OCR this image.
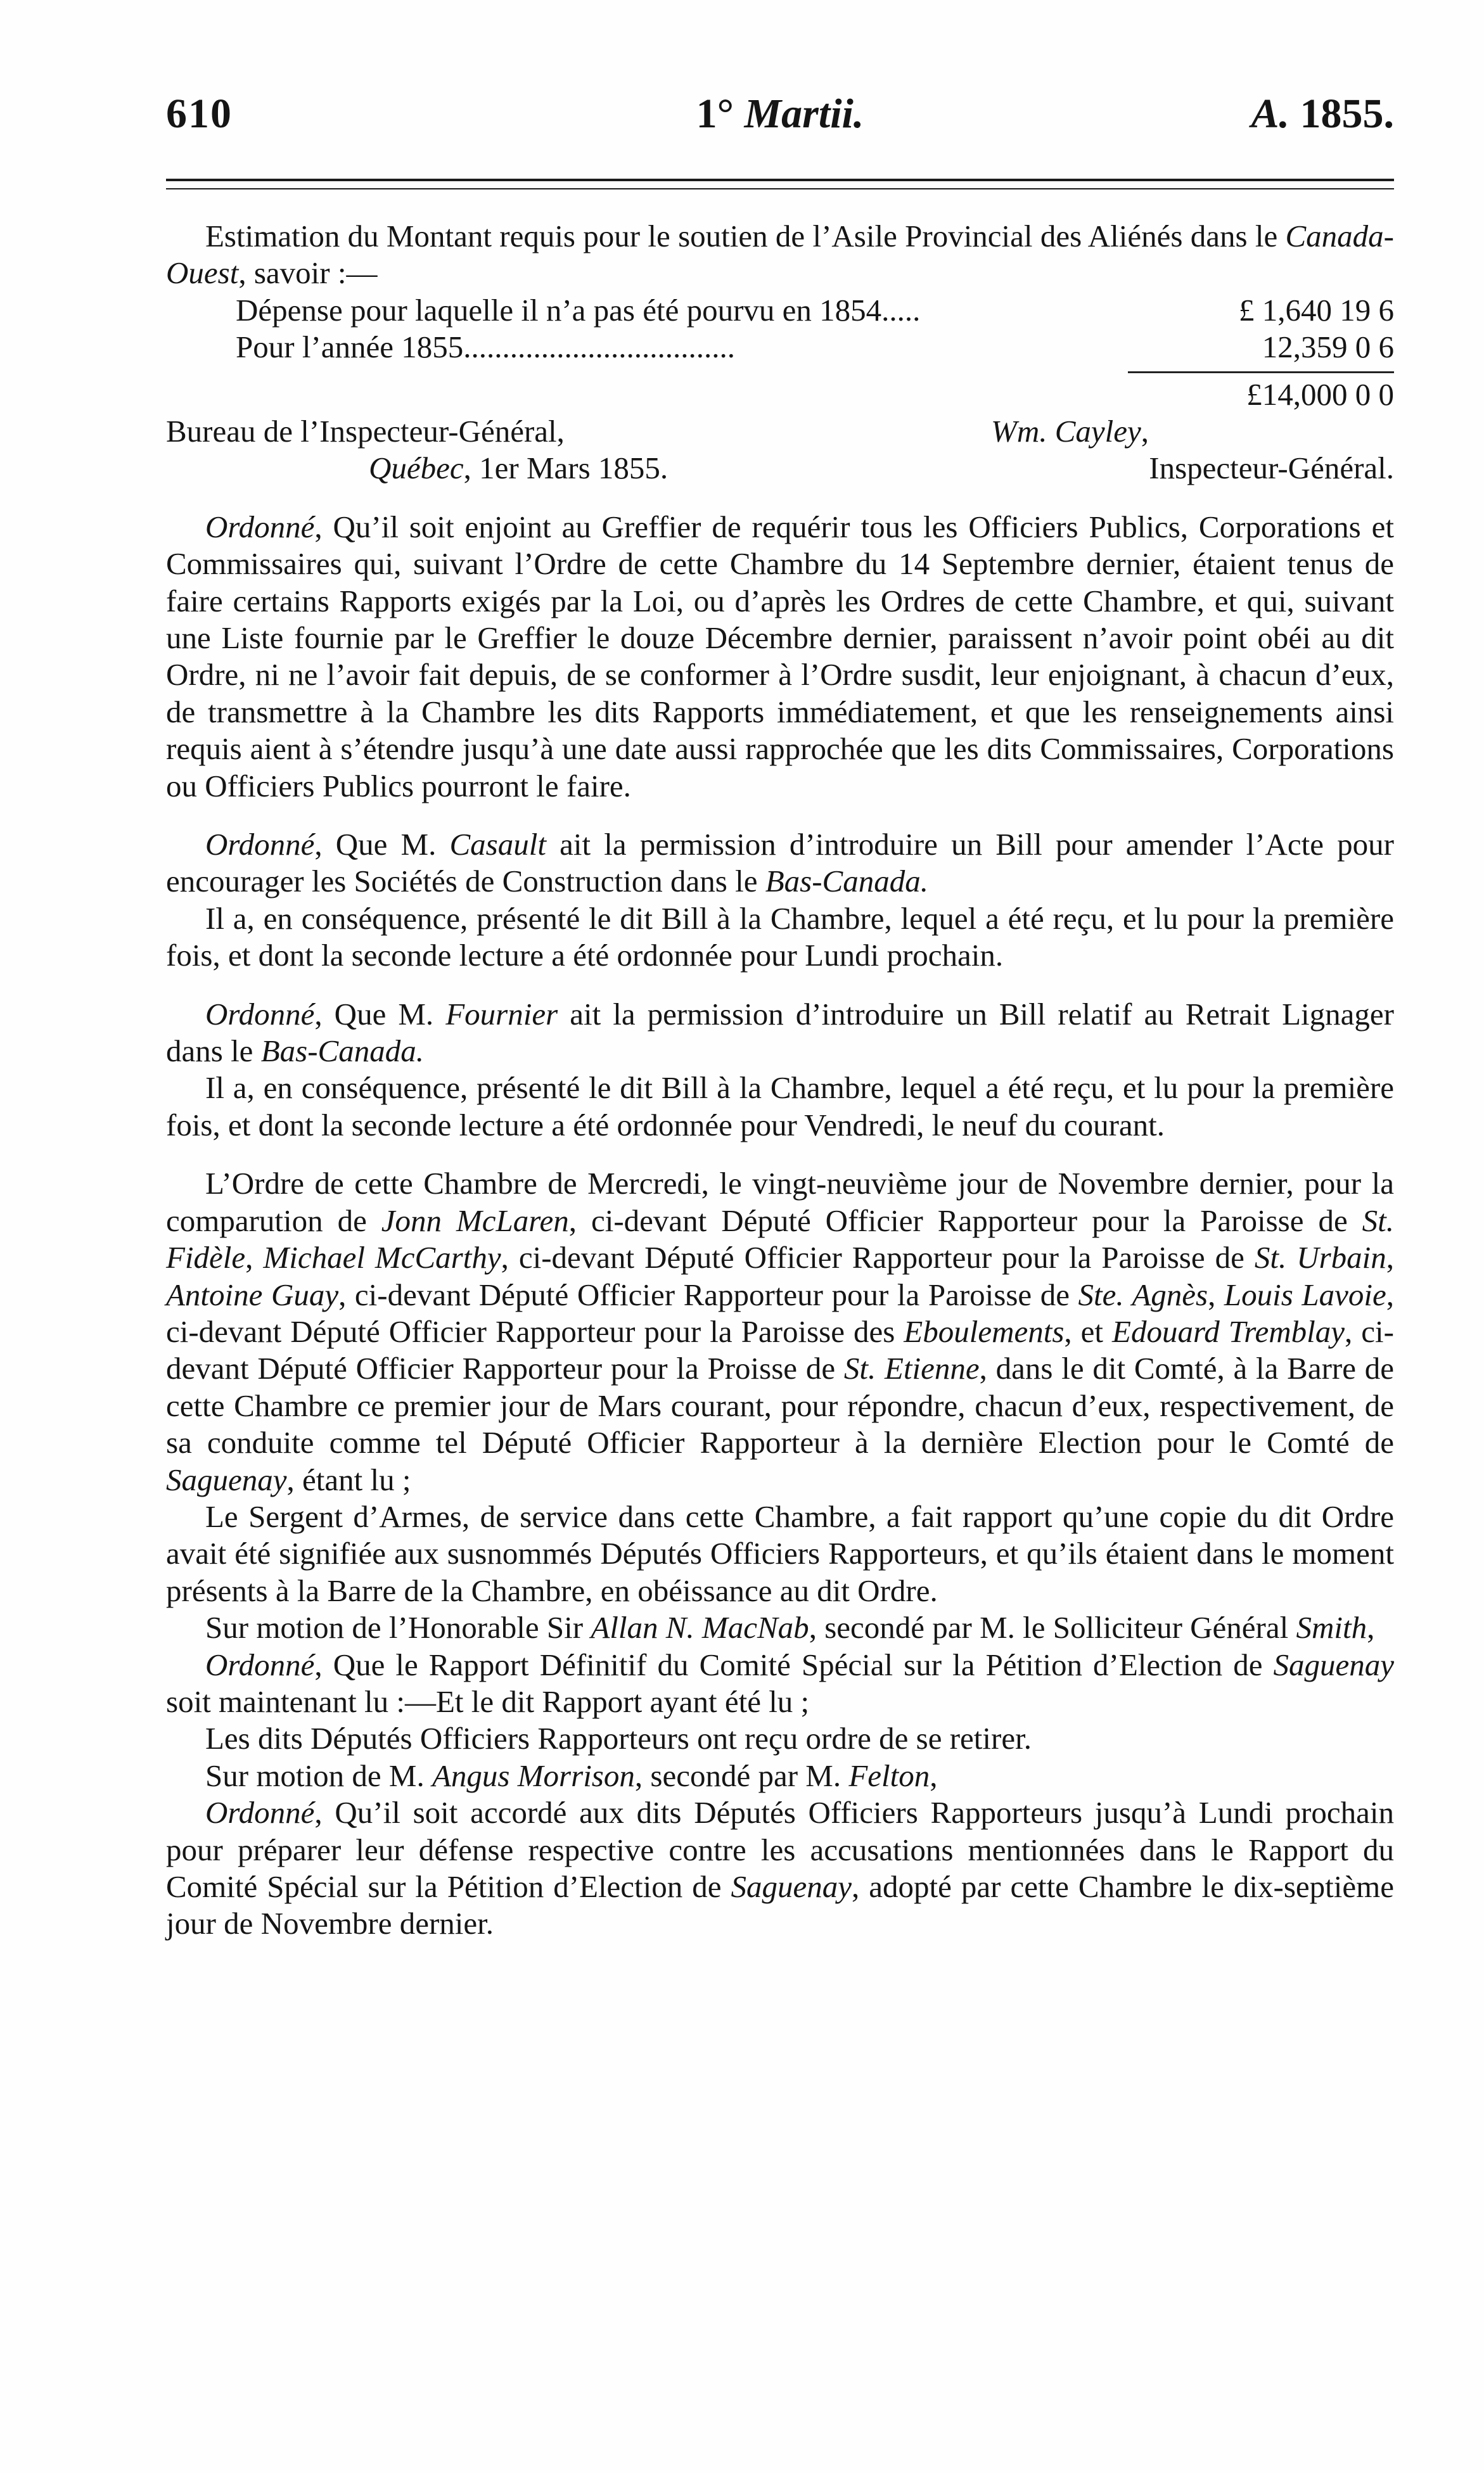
610	1° Martii.	A. 1855.

Estimation du Montant requis pour le soutien de l’Asile Provincial des Aliénés dans le Canada-Ouest, savoir :—

Dépense pour laquelle il n’a pas été pourvu en 1854.....	£ 1,640 19 6
Pour l’année 1855...................................	12,359 0 6
£14,000 0 0
Bureau de l’Inspecteur-Général,
Québec, 1er Mars 1855.
Wm. Cayley,
Inspecteur-Général.

Ordonné, Qu’il soit enjoint au Greffier de requérir tous les Officiers Publics, Corporations et Commissaires qui, suivant l’Ordre de cette Chambre du 14 Septembre dernier, étaient tenus de faire certains Rapports exigés par la Loi, ou d’après les Ordres de cette Chambre, et qui, suivant une Liste fournie par le Greffier le douze Décembre dernier, paraissent n’avoir point obéi au dit Ordre, ni ne l’avoir fait depuis, de se conformer à l’Ordre susdit, leur enjoignant, à chacun d’eux, de transmettre à la Chambre les dits Rapports immédiatement, et que les renseignements ainsi requis aient à s’étendre jusqu’à une date aussi rapprochée que les dits Commissaires, Corporations ou Officiers Publics pourront le faire.

Ordonné, Que M. Casault ait la permission d’introduire un Bill pour amender l’Acte pour encourager les Sociétés de Construction dans le Bas-Canada.

Il a, en conséquence, présenté le dit Bill à la Chambre, lequel a été reçu, et lu pour la première fois, et dont la seconde lecture a été ordonnée pour Lundi prochain.

Ordonné, Que M. Fournier ait la permission d’introduire un Bill relatif au Retrait Lignager dans le Bas-Canada.

Il a, en conséquence, présenté le dit Bill à la Chambre, lequel a été reçu, et lu pour la première fois, et dont la seconde lecture a été ordonnée pour Vendredi, le neuf du courant.

L’Ordre de cette Chambre de Mercredi, le vingt-neuvième jour de Novembre dernier, pour la comparution de Jonn McLaren, ci-devant Député Officier Rapporteur pour la Paroisse de St. Fidèle, Michael McCarthy, ci-devant Député Officier Rapporteur pour la Paroisse de St. Urbain, Antoine Guay, ci-devant Député Officier Rapporteur pour la Paroisse de Ste. Agnès, Louis Lavoie, ci-devant Député Officier Rapporteur pour la Paroisse des Eboulements, et Edouard Tremblay, ci-devant Député Officier Rapporteur pour la Proisse de St. Etienne, dans le dit Comté, à la Barre de cette Chambre ce premier jour de Mars courant, pour répondre, chacun d’eux, respectivement, de sa conduite comme tel Député Officier Rapporteur à la dernière Election pour le Comté de Saguenay, étant lu ;

Le Sergent d’Armes, de service dans cette Chambre, a fait rapport qu’une copie du dit Ordre avait été signifiée aux susnommés Députés Officiers Rapporteurs, et qu’ils étaient dans le moment présents à la Barre de la Chambre, en obéissance au dit Ordre.

Sur motion de l’Honorable Sir Allan N. MacNab, secondé par M. le Solliciteur Général Smith,

Ordonné, Que le Rapport Définitif du Comité Spécial sur la Pétition d’Election de Saguenay soit maintenant lu :—Et le dit Rapport ayant été lu ;

Les dits Députés Officiers Rapporteurs ont reçu ordre de se retirer.

Sur motion de M. Angus Morrison, secondé par M. Felton,

Ordonné, Qu’il soit accordé aux dits Députés Officiers Rapporteurs jusqu’à Lundi prochain pour préparer leur défense respective contre les accusations mentionnées dans le Rapport du Comité Spécial sur la Pétition d’Election de Saguenay, adopté par cette Chambre le dix-septième jour de Novembre dernier.
